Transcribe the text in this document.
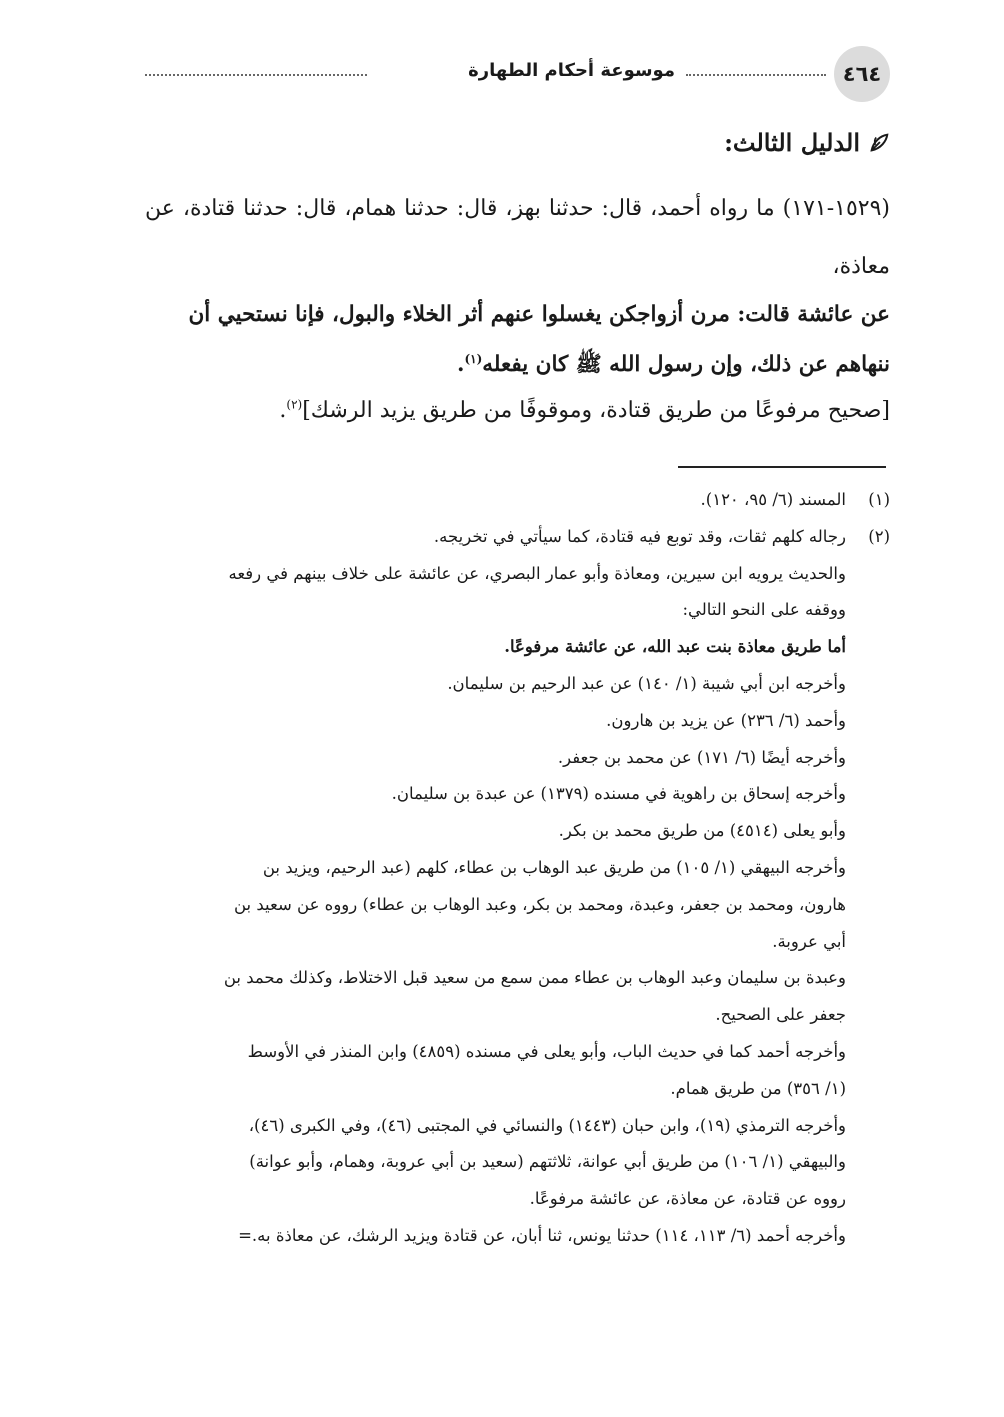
٤٦٤
موسوعة أحكام الطهارة
الدليل الثالث:
(١٥٢٩-١٧١) ما رواه أحمد، قال: حدثنا بهز، قال: حدثنا همام، قال: حدثنا قتادة، عن معاذة،
عن عائشة قالت: مرن أزواجكن يغسلوا عنهم أثر الخلاء والبول، فإنا نستحيي أن ننهاهم عن ذلك، وإن رسول الله ﷺ كان يفعله$^{(١)}$.
[صحيح مرفوعًا من طريق قتادة، وموقوفًا من طريق يزيد الرشك]$^{(٢)}$.
(١)المسند (٦/ ٩٥، ١٢٠).
(٢)رجاله كلهم ثقات، وقد توبع فيه قتادة، كما سيأتي في تخريجه.
والحديث يرويه ابن سيرين، ومعاذة وأبو عمار البصري، عن عائشة على خلاف بينهم في رفعه
ووقفه على النحو التالي:
أما طريق معاذة بنت عبد الله، عن عائشة مرفوعًا.
وأخرجه ابن أبي شيبة (١/ ١٤٠) عن عبد الرحيم بن سليمان.
وأحمد (٦/ ٢٣٦) عن يزيد بن هارون.
وأخرجه أيضًا (٦/ ١٧١) عن محمد بن جعفر.
وأخرجه إسحاق بن راهوية في مسنده (١٣٧٩) عن عبدة بن سليمان.
وأبو يعلى (٤٥١٤) من طريق محمد بن بكر.
وأخرجه البيهقي (١/ ١٠٥) من طريق عبد الوهاب بن عطاء، كلهم (عبد الرحيم، ويزيد بن
هارون، ومحمد بن جعفر، وعبدة، ومحمد بن بكر، وعبد الوهاب بن عطاء) رووه عن سعيد بن
أبي عروبة.
وعبدة بن سليمان وعبد الوهاب بن عطاء ممن سمع من سعيد قبل الاختلاط، وكذلك محمد بن
جعفر على الصحيح.
وأخرجه أحمد كما في حديث الباب، وأبو يعلى في مسنده (٤٨٥٩) وابن المنذر في الأوسط
(١/ ٣٥٦) من طريق همام.
وأخرجه الترمذي (١٩)، وابن حبان (١٤٤٣) والنسائي في المجتبى (٤٦)، وفي الكبرى (٤٦)،
والبيهقي (١/ ١٠٦) من طريق أبي عوانة، ثلاثتهم (سعيد بن أبي عروبة، وهمام، وأبو عوانة)
رووه عن قتادة، عن معاذة، عن عائشة مرفوعًا.
وأخرجه أحمد (٦/ ١١٣، ١١٤) حدثنا يونس، ثنا أبان، عن قتادة ويزيد الرشك، عن معاذة به.=
